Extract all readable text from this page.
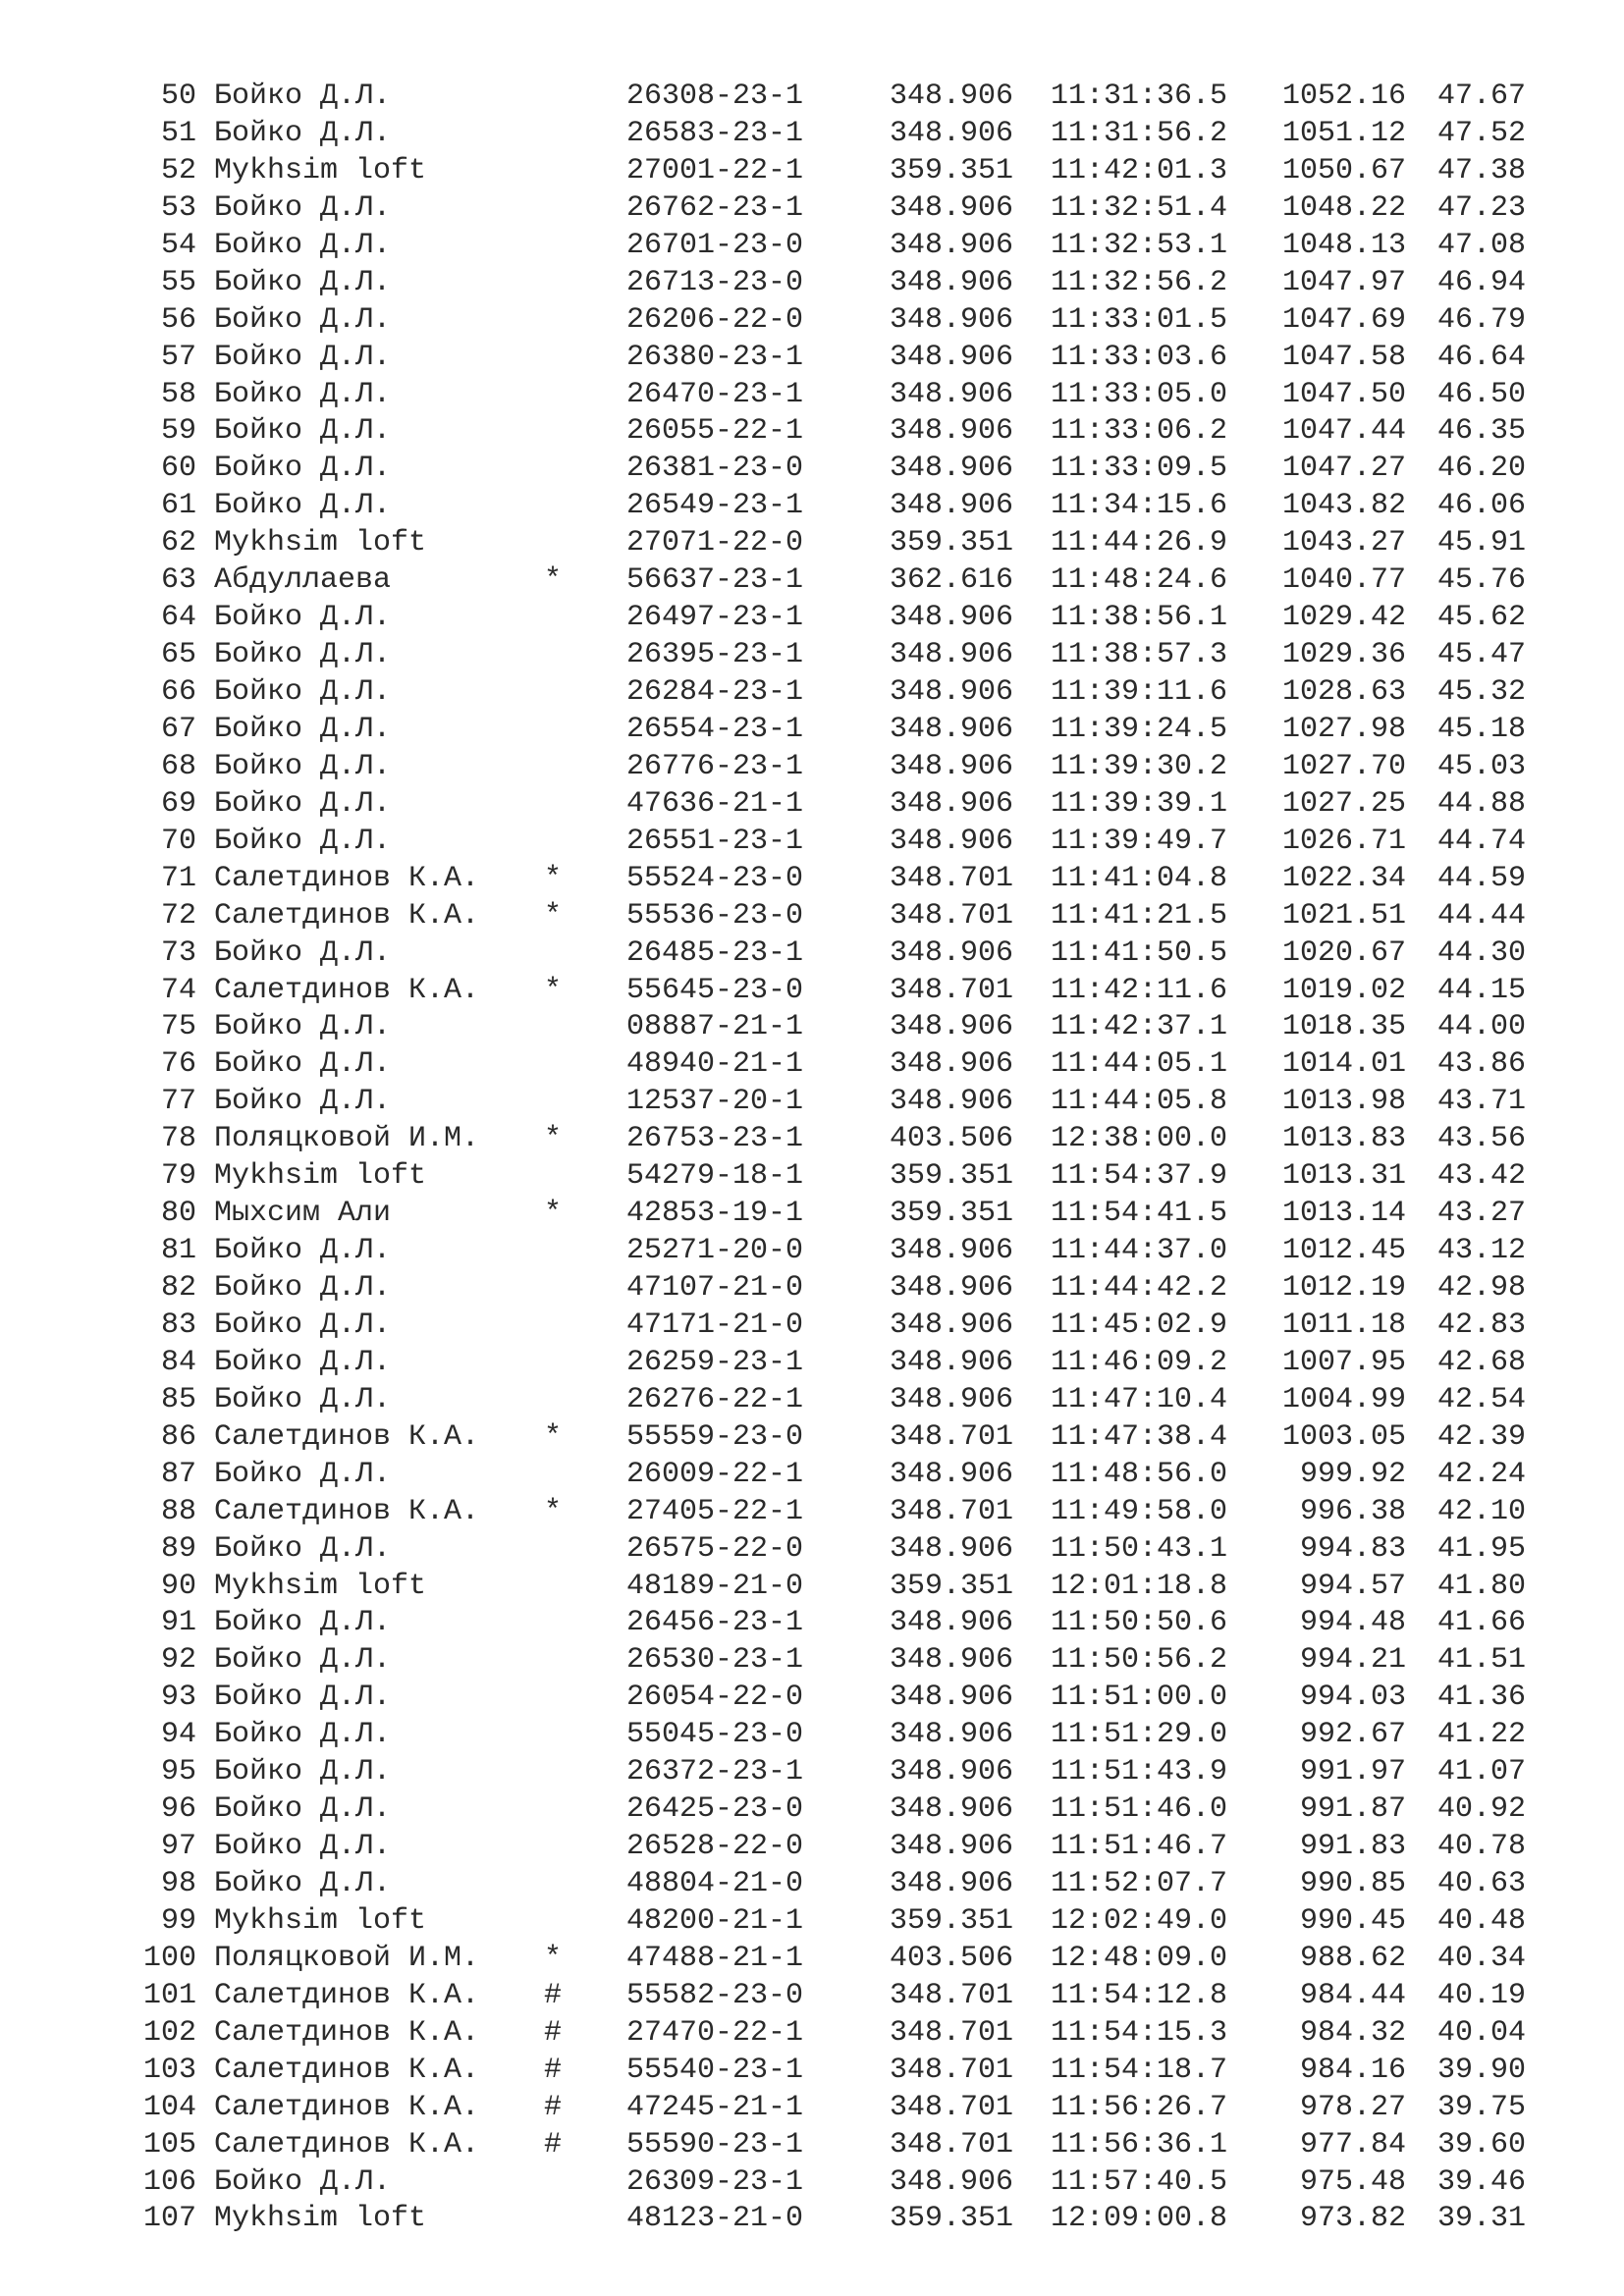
50 Бойко Д.Л.	26308-23-1	348.906 11:31:36.5	1052.16	47.67
51 Бойко Д.Л.	26583-23-1	348.906 11:31:56.2	1051.12	47.52
52 Mykhsim loft	27001-22-1	359.351 11:42:01.3	1050.67	47.38
53 Бойко Д.Л.	26762-23-1	348.906 11:32:51.4	1048.22	47.23
54 Бойко Д.Л.	26701-23-0	348.906 11:32:53.1	1048.13	47.08
55 Бойко Д.Л.	26713-23-0	348.906 11:32:56.2	1047.97	46.94
56 Бойко Д.Л.	26206-22-0	348.906 11:33:01.5	1047.69	46.79
57 Бойко Д.Л.	26380-23-1	348.906 11:33:03.6	1047.58	46.64
58 Бойко Д.Л.	26470-23-1	348.906 11:33:05.0	1047.50	46.50
59 Бойко Д.Л.	26055-22-1	348.906 11:33:06.2	1047.44	46.35
60 Бойко Д.Л.	26381-23-0	348.906 11:33:09.5	1047.27	46.20
61 Бойко Д.Л.	26549-23-1	348.906 11:34:15.6	1043.82	46.06
62 Mykhsim loft	27071-22-0	359.351 11:44:26.9	1043.27	45.91
63 Абдуллаева	* 56637-23-1	362.616 11:48:24.6	1040.77	45.76
64 Бойко Д.Л.	26497-23-1	348.906 11:38:56.1	1029.42	45.62
65 Бойко Д.Л.	26395-23-1	348.906 11:38:57.3	1029.36	45.47
66 Бойко Д.Л.	26284-23-1	348.906 11:39:11.6	1028.63	45.32
67 Бойко Д.Л.	26554-23-1	348.906 11:39:24.5	1027.98	45.18
68 Бойко Д.Л.	26776-23-1	348.906 11:39:30.2	1027.70	45.03
69 Бойко Д.Л.	47636-21-1	348.906 11:39:39.1	1027.25	44.88
70 Бойко Д.Л.	26551-23-1	348.906 11:39:49.7	1026.71	44.74
71 Салетдинов К.А. * 55524-23-0	348.701 11:41:04.8	1022.34	44.59
72 Салетдинов К.А. * 55536-23-0	348.701 11:41:21.5	1021.51	44.44
73 Бойко Д.Л.	26485-23-1	348.906 11:41:50.5	1020.67	44.30
74 Салетдинов К.А. * 55645-23-0	348.701 11:42:11.6	1019.02	44.15
75 Бойко Д.Л.	08887-21-1	348.906 11:42:37.1	1018.35	44.00
76 Бойко Д.Л.	48940-21-1	348.906 11:44:05.1	1014.01	43.86
77 Бойко Д.Л.	12537-20-1	348.906 11:44:05.8	1013.98	43.71
78 Поляцковой И.М. * 26753-23-1	403.506 12:38:00.0	1013.83	43.56
79 Mykhsim loft	54279-18-1	359.351 11:54:37.9	1013.31	43.42
80 Мыхсим Али	* 42853-19-1	359.351 11:54:41.5	1013.14	43.27
81 Бойко Д.Л.	25271-20-0	348.906 11:44:37.0	1012.45	43.12
82 Бойко Д.Л.	47107-21-0	348.906 11:44:42.2	1012.19	42.98
83 Бойко Д.Л.	47171-21-0	348.906 11:45:02.9	1011.18	42.83
84 Бойко Д.Л.	26259-23-1	348.906 11:46:09.2	1007.95	42.68
85 Бойко Д.Л.	26276-22-1	348.906 11:47:10.4	1004.99	42.54
86 Салетдинов К.А. * 55559-23-0	348.701 11:47:38.4	1003.05	42.39
87 Бойко Д.Л.	26009-22-1	348.906 11:48:56.0	999.92	42.24
88 Салетдинов К.А. * 27405-22-1	348.701 11:49:58.0	996.38	42.10
89 Бойко Д.Л.	26575-22-0	348.906 11:50:43.1	994.83	41.95
90 Mykhsim loft	48189-21-0	359.351 12:01:18.8	994.57	41.80
91 Бойко Д.Л.	26456-23-1	348.906 11:50:50.6	994.48	41.66
92 Бойко Д.Л.	26530-23-1	348.906 11:50:56.2	994.21	41.51
93 Бойко Д.Л.	26054-22-0	348.906 11:51:00.0	994.03	41.36
94 Бойко Д.Л.	55045-23-0	348.906 11:51:29.0	992.67	41.22
95 Бойко Д.Л.	26372-23-1	348.906 11:51:43.9	991.97	41.07
96 Бойко Д.Л.	26425-23-0	348.906 11:51:46.0	991.87	40.92
97 Бойко Д.Л.	26528-22-0	348.906 11:51:46.7	991.83	40.78
98 Бойко Д.Л.	48804-21-0	348.906 11:52:07.7	990.85	40.63
99 Mykhsim loft	48200-21-1	359.351 12:02:49.0	990.45	40.48
100 Поляцковой И.М. * 47488-21-1	403.506 12:48:09.0	988.62	40.34
101 Салетдинов К.А. # 55582-23-0	348.701 11:54:12.8	984.44	40.19
102 Салетдинов К.А. # 27470-22-1	348.701 11:54:15.3	984.32	40.04
103 Салетдинов К.А. # 55540-23-1	348.701 11:54:18.7	984.16	39.90
104 Салетдинов К.А. # 47245-21-1	348.701 11:56:26.7	978.27	39.75
105 Салетдинов К.А. # 55590-23-1	348.701 11:56:36.1	977.84	39.60
106 Бойко Д.Л.	26309-23-1	348.906 11:57:40.5	975.48	39.46
107 Mykhsim loft	48123-21-0	359.351 12:09:00.8	973.82	39.31
